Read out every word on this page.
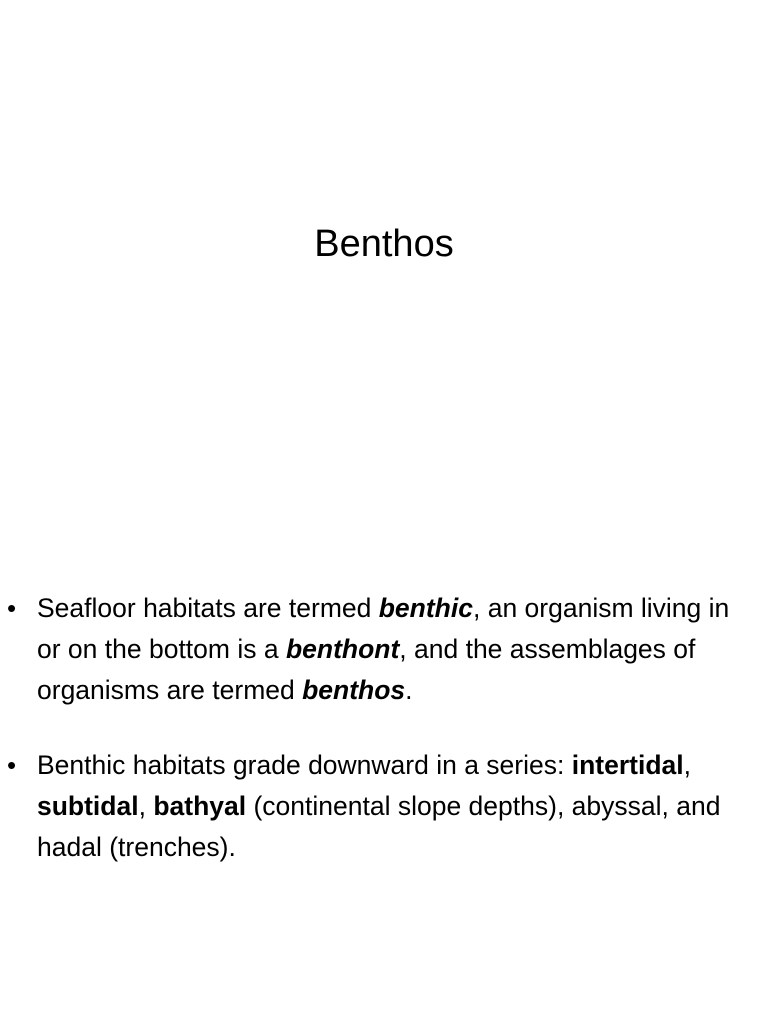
Benthos
• Seafloor habitats are termed benthic, an organism living in or on the bottom is a benthont, and the assemblages of organisms are termed benthos.
• Benthic habitats grade downward in a series: intertidal, subtidal, bathyal (continental slope depths), abyssal, and hadal (trenches).
